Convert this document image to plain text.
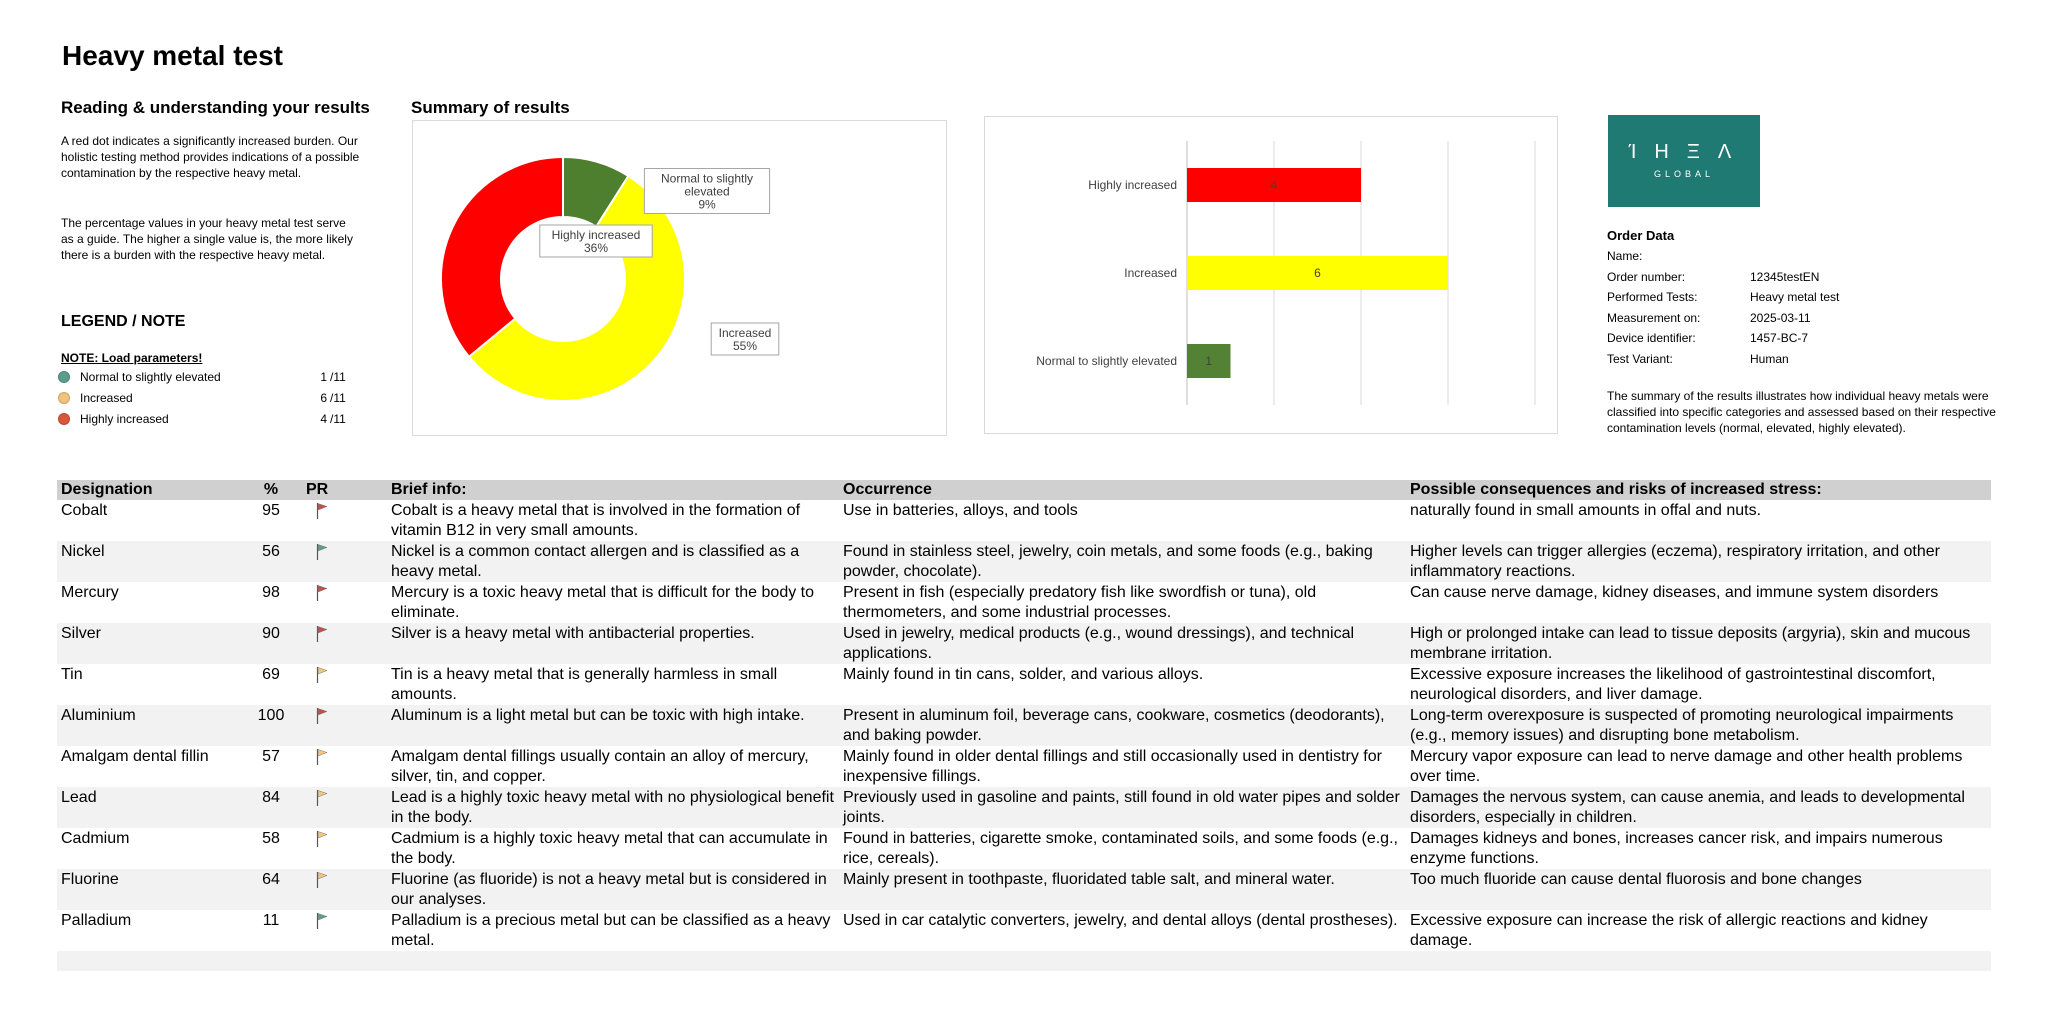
Heavy metal test
Reading & understanding your results
A red dot indicates a significantly increased burden. Our holistic testing method provides indications of a possible contamination by the respective heavy metal.
The percentage values in your heavy metal test serve as a guide. The higher a single value is, the more likely there is a burden with the respective heavy metal.
LEGEND / NOTE
NOTE: Load parameters!
Normal to slightly elevated	1 /11
Increased	6 /11
Highly increased	4 /11
Summary of results
Normal to slightly
elevated
9%
Increased
55%
Highly increased
36%
Highly increased	4
Increased	6
Normal to slightly elevated 1
ΊΗΞΛ
GLOBAL
Order Data
Name:
Order number:	12345testEN
Performed Tests:	Heavy metal test
Measurement on:	2025-03-11
Device identifier:	1457-BC-7
Test Variant:	Human
The summary of the results illustrates how individual heavy metals were classified into specific categories and assessed based on their respective contamination levels (normal, elevated, highly elevated).
Designation	%	PR	Brief info:	Occurrence	Possible consequences and risks of increased stress:
Cobalt	95		Cobalt is a heavy metal that is involved in the formation of vitamin B12 in very small amounts.	Use in batteries, alloys, and tools	naturally found in small amounts in offal and nuts.
Nickel	56		Nickel is a common contact allergen and is classified as a heavy metal.	Found in stainless steel, jewelry, coin metals, and some foods (e.g., baking powder, chocolate).	Higher levels can trigger allergies (eczema), respiratory irritation, and other inflammatory reactions.
Mercury	98		Mercury is a toxic heavy metal that is difficult for the body to eliminate.	Present in fish (especially predatory fish like swordfish or tuna), old thermometers, and some industrial processes.	Can cause nerve damage, kidney diseases, and immune system disorders
Silver	90		Silver is a heavy metal with antibacterial properties.	Used in jewelry, medical products (e.g., wound dressings), and technical applications.	High or prolonged intake can lead to tissue deposits (argyria), skin and mucous membrane irritation.
Tin	69		Tin is a heavy metal that is generally harmless in small amounts.	Mainly found in tin cans, solder, and various alloys.	Excessive exposure increases the likelihood of gastrointestinal discomfort, neurological disorders, and liver damage.
Aluminium	100		Aluminum is a light metal but can be toxic with high intake.	Present in aluminum foil, beverage cans, cookware, cosmetics (deodorants), and baking powder.	Long-term overexposure is suspected of promoting neurological impairments (e.g., memory issues) and disrupting bone metabolism.
Amalgam dental fillin	57		Amalgam dental fillings usually contain an alloy of mercury, silver, tin, and copper.	Mainly found in older dental fillings and still occasionally used in dentistry for inexpensive fillings.	Mercury vapor exposure can lead to nerve damage and other health problems over time.
Lead	84		Lead is a highly toxic heavy metal with no physiological benefit in the body.	Previously used in gasoline and paints, still found in old water pipes and solder joints.	Damages the nervous system, can cause anemia, and leads to developmental disorders, especially in children.
Cadmium	58		Cadmium is a highly toxic heavy metal that can accumulate in the body.	Found in batteries, cigarette smoke, contaminated soils, and some foods (e.g., rice, cereals).	Damages kidneys and bones, increases cancer risk, and impairs numerous enzyme functions.
Fluorine	64		Fluorine (as fluoride) is not a heavy metal but is considered in our analyses.	Mainly present in toothpaste, fluoridated table salt, and mineral water.	Too much fluoride can cause dental fluorosis and bone changes
Palladium	11		Palladium is a precious metal but can be classified as a heavy metal.	Used in car catalytic converters, jewelry, and dental alloys (dental prostheses).	Excessive exposure can increase the risk of allergic reactions and kidney damage.
